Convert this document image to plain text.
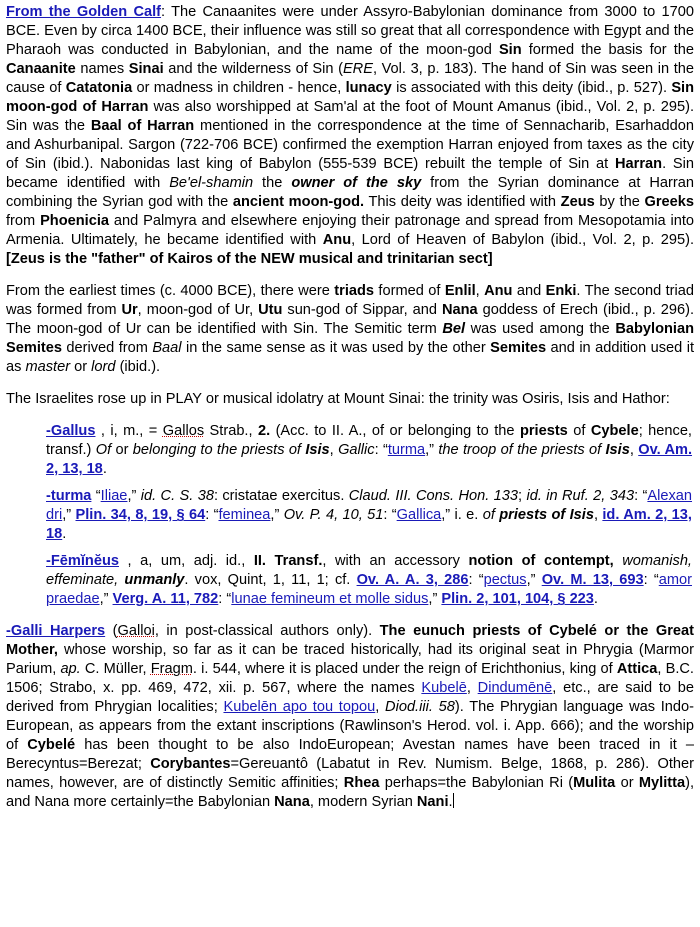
From the Golden Calf: The Canaanites were under Assyro-Babylonian dominance from 3000 to 1700 BCE. Even by circa 1400 BCE, their influence was still so great that all correspondence with Egypt and the Pharaoh was conducted in Babylonian, and the name of the moon-god Sin formed the basis for the Canaanite names Sinai and the wilderness of Sin (ERE, Vol. 3, p. 183). The hand of Sin was seen in the cause of Catatonia or madness in children - hence, lunacy is associated with this deity (ibid., p. 527). Sin moon-god of Harran was also worshipped at Sam'al at the foot of Mount Amanus (ibid., Vol. 2, p. 295). Sin was the Baal of Harran mentioned in the correspondence at the time of Sennacharib, Esarhaddon and Ashurbanipal. Sargon (722-706 BCE) confirmed the exemption Harran enjoyed from taxes as the city of Sin (ibid.). Nabonidas last king of Babylon (555-539 BCE) rebuilt the temple of Sin at Harran. Sin became identified with Be'el-shamin the owner of the sky from the Syrian dominance at Harran combining the Syrian god with the ancient moon-god. This deity was identified with Zeus by the Greeks from Phoenicia and Palmyra and elsewhere enjoying their patronage and spread from Mesopotamia into Armenia. Ultimately, he became identified with Anu, Lord of Heaven of Babylon (ibid., Vol. 2, p. 295). [Zeus is the "father" of Kairos of the NEW musical and trinitarian sect]

From the earliest times (c. 4000 BCE), there were triads formed of Enlil, Anu and Enki. The second triad was formed from Ur, moon-god of Ur, Utu sun-god of Sippar, and Nana goddess of Erech (ibid., p. 296). The moon-god of Ur can be identified with Sin. The Semitic term Bel was used among the Babylonian Semites derived from Baal in the same sense as it was used by the other Semites and in addition used it as master or lord (ibid.).

The Israelites rose up in PLAY or musical idolatry at Mount Sinai: the trinity was Osiris, Isis and Hathor:

-Gallus , i, m., = Gallos Strab., 2. (Acc. to II. A., of or belonging to the priests of Cybele; hence, transf.) Of or belonging to the priests of Isis, Gallic: “turma,” the troop of the priests of Isis, Ov. Am. 2, 13, 18.

-turma “Iliae,” id. C. S. 38: cristatae exercitus. Claud. III. Cons. Hon. 133; id. in Ruf. 2, 343: “Alexan dri,” Plin. 34, 8, 19, § 64: “feminea,” Ov. P. 4, 10, 51: “Gallica,” i. e. of priests of Isis, id. Am. 2, 13, 18.

-Fēmĭnĕus , a, um, adj. id., II. Transf., with an accessory notion of contempt, womanish, effeminate, unmanly. vox, Quint, 1, 11, 1; cf. Ov. A. A. 3, 286: “pectus,” Ov. M. 13, 693: “amor praedae,” Verg. A. 11, 782: “lunae femineum et molle sidus,” Plin. 2, 101, 104, § 223.

-Galli Harpers (Galloi, in post-classical authors only). The eunuch priests of Cybelé or the Great Mother, whose worship, so far as it can be traced historically, had its original seat in Phrygia (Marmor Parium, ap. C. Müller, Fragm. i. 544, where it is placed under the reign of Erichthonius, king of Attica, B.C. 1506; Strabo, x. pp. 469, 472, xii. p. 567, where the names Kubelē, Dindumēnē, etc., are said to be derived from Phrygian localities; Kubelēn apo tou topou, Diod.iii. 58). The Phrygian language was Indo-European, as appears from the extant inscriptions (Rawlinson's Herod. vol. i. App. 666); and the worship of Cybelé has been thought to be also IndoEuropean; Avestan names have been traced in it –Berecyntus=Berezat; Corybantes=Gereuantô (Labatut in Rev. Numism. Belge, 1868, p. 286). Other names, however, are of distinctly Semitic affinities; Rhea perhaps=the Babylonian Ri (Mulita or Mylitta), and Nana more certainly=the Babylonian Nana, modern Syrian Nani.
